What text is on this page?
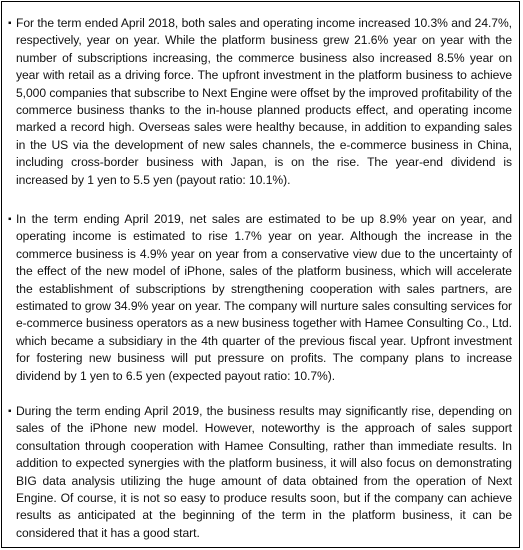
▪ For the term ended April 2018, both sales and operating income increased 10.3% and 24.7%, respectively, year on year. While the platform business grew 21.6% year on year with the number of subscriptions increasing, the commerce business also increased 8.5% year on year with retail as a driving force. The upfront investment in the platform business to achieve 5,000 companies that subscribe to Next Engine were offset by the improved profitability of the commerce business thanks to the in-house planned products effect, and operating income marked a record high. Overseas sales were healthy because, in addition to expanding sales in the US via the development of new sales channels, the e-commerce business in China, including cross-border business with Japan, is on the rise. The year-end dividend is increased by 1 yen to 5.5 yen (payout ratio: 10.1%).
▪ In the term ending April 2019, net sales are estimated to be up 8.9% year on year, and operating income is estimated to rise 1.7% year on year. Although the increase in the commerce business is 4.9% year on year from a conservative view due to the uncertainty of the effect of the new model of iPhone, sales of the platform business, which will accelerate the establishment of subscriptions by strengthening cooperation with sales partners, are estimated to grow 34.9% year on year. The company will nurture sales consulting services for e-commerce business operators as a new business together with Hamee Consulting Co., Ltd. which became a subsidiary in the 4th quarter of the previous fiscal year. Upfront investment for fostering new business will put pressure on profits. The company plans to increase dividend by 1 yen to 6.5 yen (expected payout ratio: 10.7%).
▪ During the term ending April 2019, the business results may significantly rise, depending on sales of the iPhone new model. However, noteworthy is the approach of sales support consultation through cooperation with Hamee Consulting, rather than immediate results. In addition to expected synergies with the platform business, it will also focus on demonstrating BIG data analysis utilizing the huge amount of data obtained from the operation of Next Engine. Of course, it is not so easy to produce results soon, but if the company can achieve results as anticipated at the beginning of the term in the platform business, it can be considered that it has a good start.
